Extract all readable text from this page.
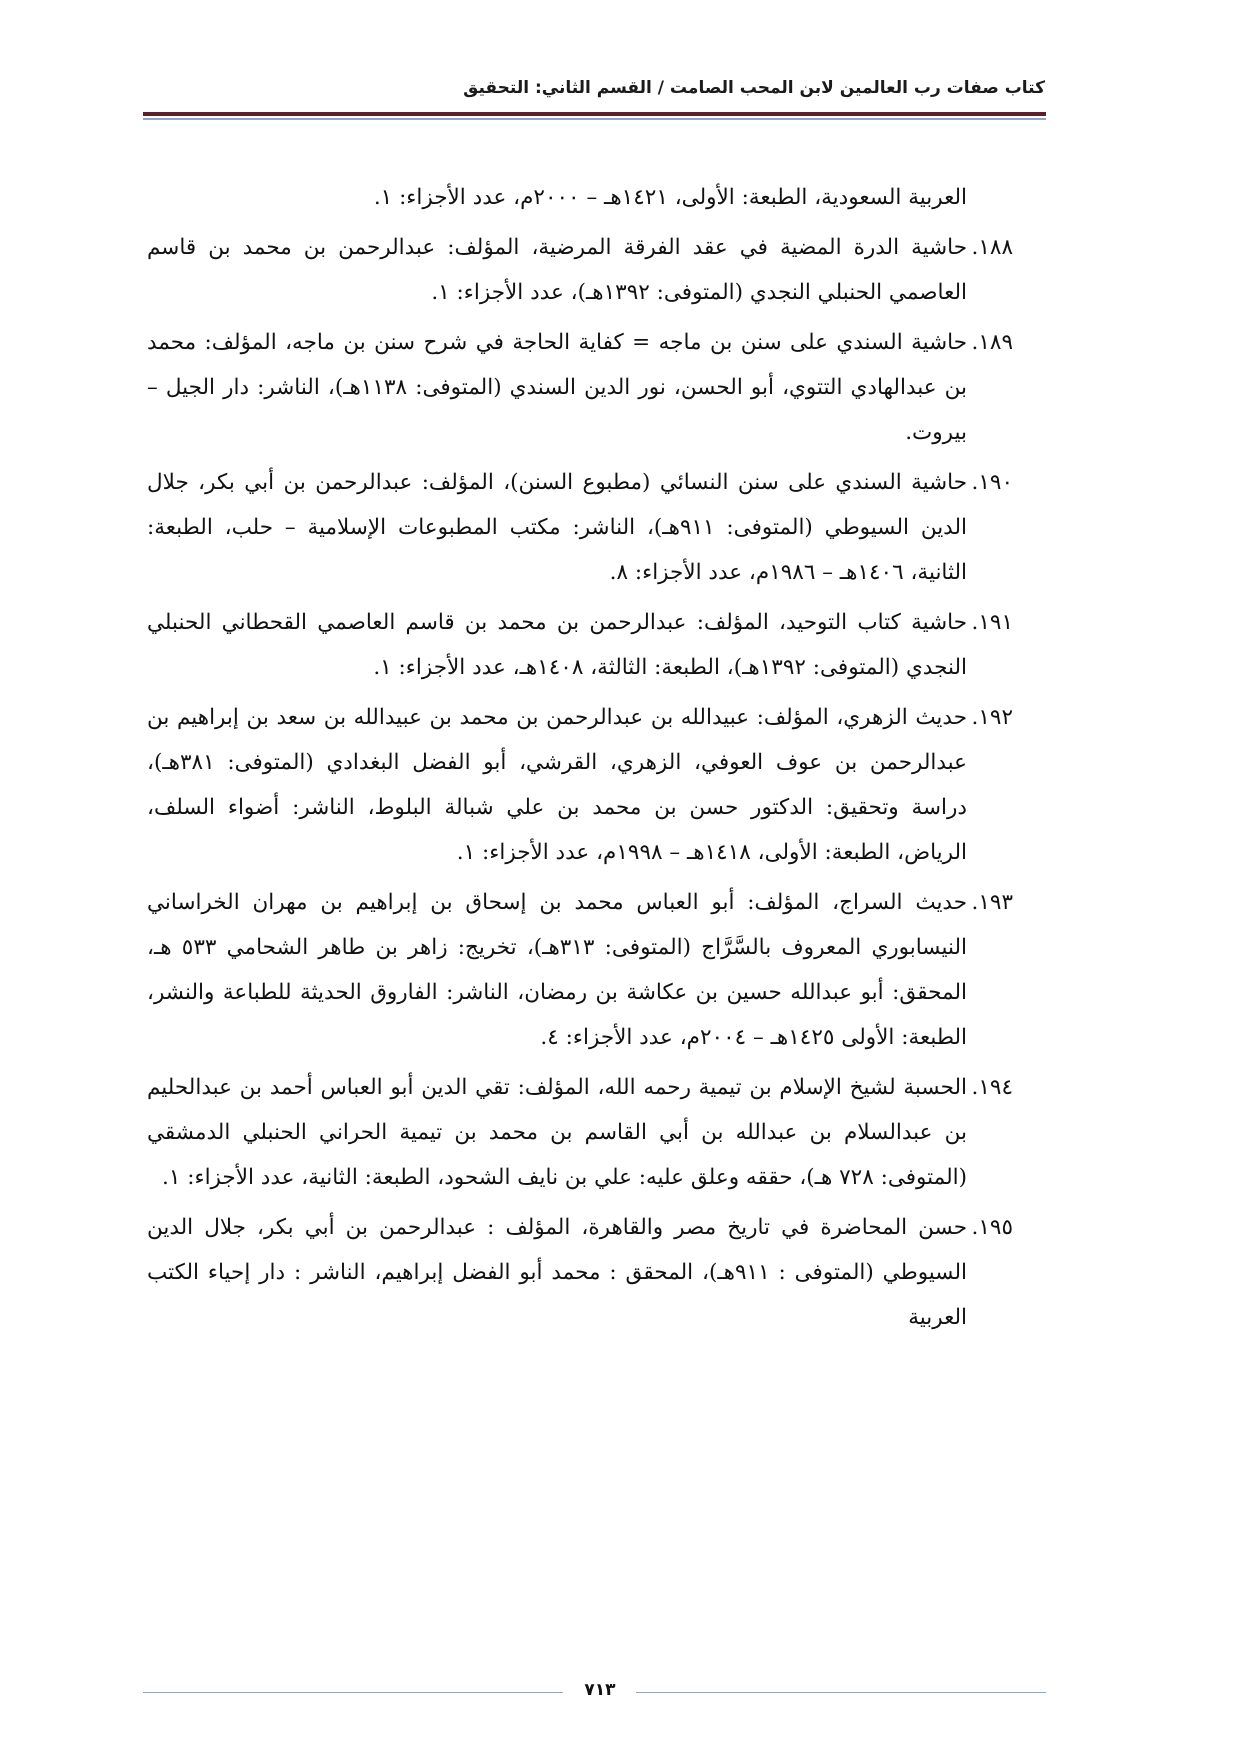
كتاب صفات رب العالمين لابن المحب الصامت / القسم الثاني: التحقيق

العربية السعودية، الطبعة: الأولى، ١٤٢١هـ – ٢٠٠٠م، عدد الأجزاء: ١.

١٨٨.
حاشية الدرة المضية في عقد الفرقة المرضية، المؤلف: عبدالرحمن بن محمد بن قاسم العاصمي الحنبلي النجدي (المتوفى: ١٣٩٢هـ)، عدد الأجزاء: ١.
١٨٩.
حاشية السندي على سنن بن ماجه = كفاية الحاجة في شرح سنن بن ماجه، المؤلف: محمد بن عبدالهادي التتوي، أبو الحسن، نور الدين السندي (المتوفى: ١١٣٨هـ)، الناشر: دار الجيل – بيروت.
١٩٠.
حاشية السندي على سنن النسائي (مطبوع السنن)، المؤلف: عبدالرحمن بن أبي بكر، جلال الدين السيوطي (المتوفى: ٩١١هـ)، الناشر: مكتب المطبوعات الإسلامية – حلب، الطبعة: الثانية، ١٤٠٦هـ – ١٩٨٦م، عدد الأجزاء: ٨.
١٩١.
حاشية كتاب التوحيد، المؤلف: عبدالرحمن بن محمد بن قاسم العاصمي القحطاني الحنبلي النجدي (المتوفى: ١٣٩٢هـ)، الطبعة: الثالثة، ١٤٠٨هـ، عدد الأجزاء: ١.
١٩٢.
حديث الزهري، المؤلف: عبيدالله بن عبدالرحمن بن محمد بن عبيدالله بن سعد بن إبراهيم بن عبدالرحمن بن عوف العوفي، الزهري، القرشي، أبو الفضل البغدادي (المتوفى: ٣٨١هـ)، دراسة وتحقيق: الدكتور حسن بن محمد بن علي شبالة البلوط، الناشر: أضواء السلف، الرياض، الطبعة: الأولى، ١٤١٨هـ – ١٩٩٨م، عدد الأجزاء: ١.
١٩٣.
حديث السراج، المؤلف: أبو العباس محمد بن إسحاق بن إبراهيم بن مهران الخراساني النيسابوري المعروف بالسَّرَّاج (المتوفى: ٣١٣هـ)، تخريج: زاهر بن طاهر الشحامي ٥٣٣ هـ، المحقق: أبو عبدالله حسين بن عكاشة بن رمضان، الناشر: الفاروق الحديثة للطباعة والنشر، الطبعة: الأولى ١٤٢٥هـ – ٢٠٠٤م، عدد الأجزاء: ٤.
١٩٤.
الحسبة لشيخ الإسلام بن تيمية رحمه الله، المؤلف: تقي الدين أبو العباس أحمد بن عبدالحليم بن عبدالسلام بن عبدالله بن أبي القاسم بن محمد بن تيمية الحراني الحنبلي الدمشقي (المتوفى: ٧٢٨ هـ)، حققه وعلق عليه: علي بن نايف الشحود، الطبعة: الثانية، عدد الأجزاء: ١.
١٩٥.
حسن المحاضرة في تاريخ مصر والقاهرة، المؤلف : عبدالرحمن بن أبي بكر، جلال الدين السيوطي (المتوفى : ٩١١هـ)، المحقق : محمد أبو الفضل إبراهيم، الناشر : دار إحياء الكتب العربية
٧١٣
